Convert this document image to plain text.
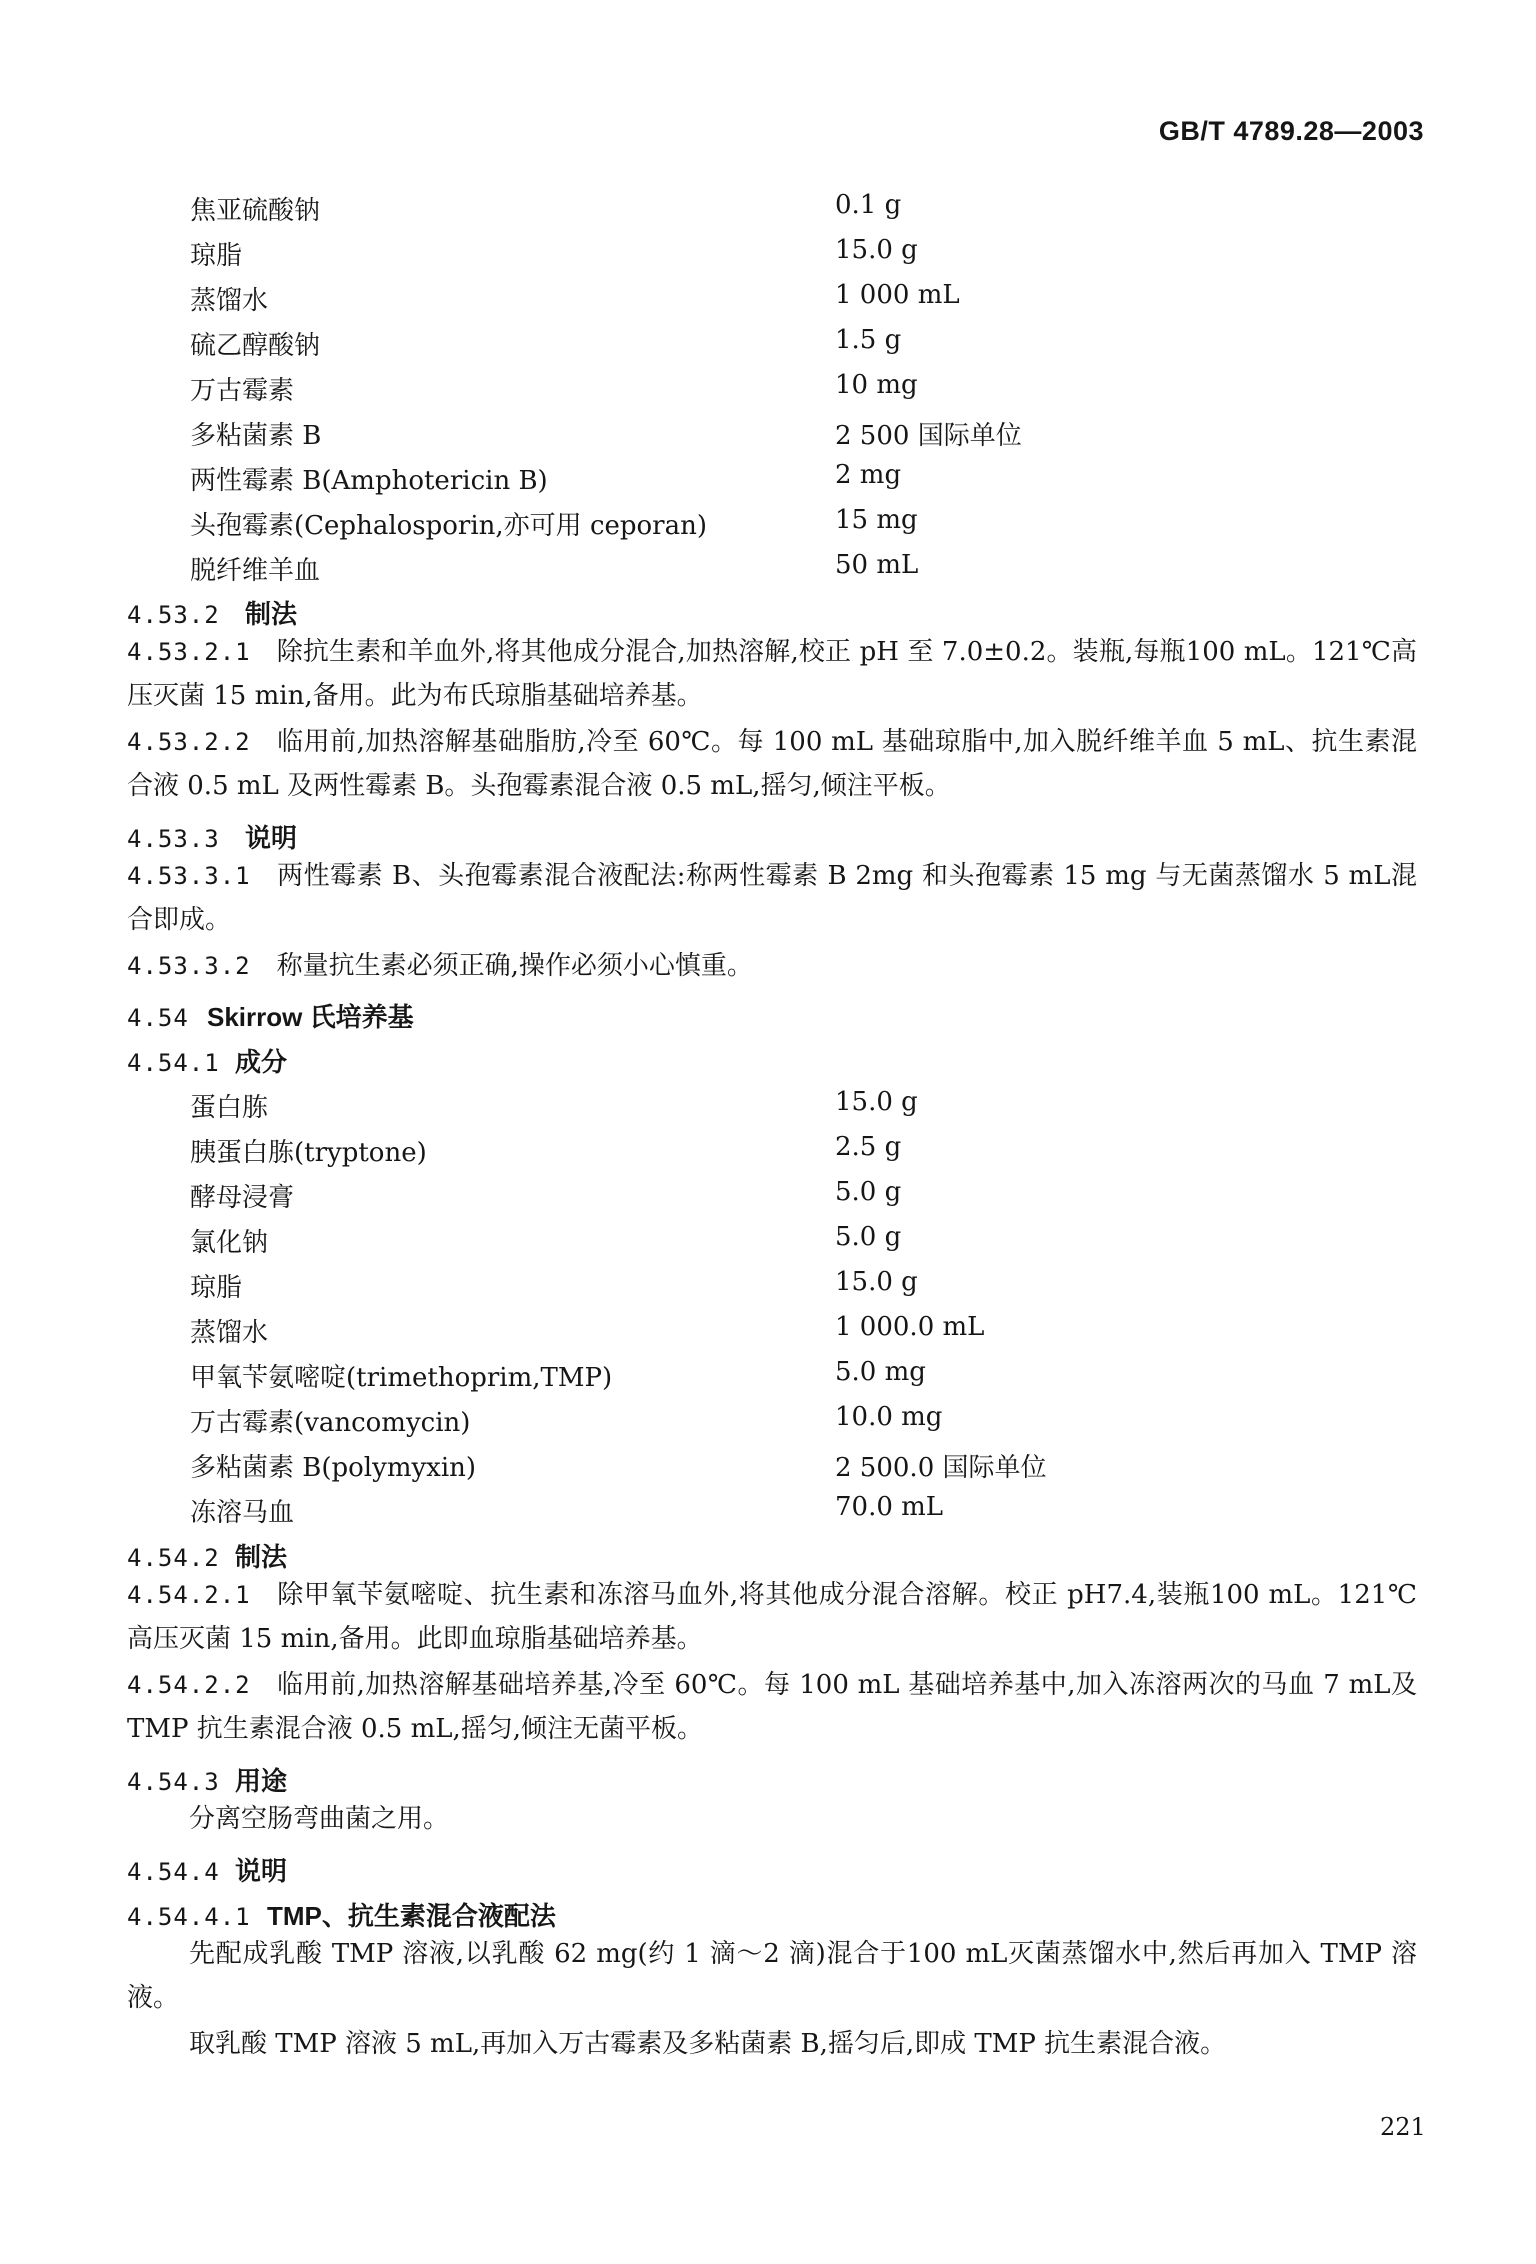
GB/T 4789.28—2003
焦亚硫酸钠	0.1 g
琼脂	15.0 g
蒸馏水	1 000 mL
硫乙醇酸钠	1.5 g
万古霉素	10 mg
多粘菌素 B	2 500 国际单位
两性霉素 B(Amphotericin B)	2 mg
头孢霉素(Cephalosporin,亦可用 ceporan)	15 mg
脱纤维羊血	50 mL
4.53.2 制法
4.53.2.1 除抗生素和羊血外,将其他成分混合,加热溶解,校正 pH 至 7.0±0.2。装瓶,每瓶100 mL。121℃高压灭菌 15 min,备用。此为布氏琼脂基础培养基。
4.53.2.2 临用前,加热溶解基础脂肪,冷至 60℃。每 100 mL 基础琼脂中,加入脱纤维羊血 5 mL、抗生素混合液 0.5 mL 及两性霉素 B。头孢霉素混合液 0.5 mL,摇匀,倾注平板。
4.53.3 说明
4.53.3.1 两性霉素 B、头孢霉素混合液配法:称两性霉素 B 2mg 和头孢霉素 15 mg 与无菌蒸馏水 5 mL混合即成。
4.53.3.2 称量抗生素必须正确,操作必须小心慎重。
4.54 Skirrow 氏培养基
4.54.1 成分
蛋白胨	15.0 g
胰蛋白胨(tryptone)	2.5 g
酵母浸膏	5.0 g
氯化钠	5.0 g
琼脂	15.0 g
蒸馏水	1 000.0 mL
甲氧苄氨嘧啶(trimethoprim,TMP)	5.0 mg
万古霉素(vancomycin)	10.0 mg
多粘菌素 B(polymyxin)	2 500.0 国际单位
冻溶马血	70.0 mL
4.54.2 制法
4.54.2.1 除甲氧苄氨嘧啶、抗生素和冻溶马血外,将其他成分混合溶解。校正 pH7.4,装瓶100 mL。121℃高压灭菌 15 min,备用。此即血琼脂基础培养基。
4.54.2.2 临用前,加热溶解基础培养基,冷至 60℃。每 100 mL 基础培养基中,加入冻溶两次的马血 7 mL及 TMP 抗生素混合液 0.5 mL,摇匀,倾注无菌平板。
4.54.3 用途
分离空肠弯曲菌之用。
4.54.4 说明
4.54.4.1 TMP、抗生素混合液配法
先配成乳酸 TMP 溶液,以乳酸 62 mg(约 1 滴～2 滴)混合于100 mL灭菌蒸馏水中,然后再加入 TMP 溶液。
取乳酸 TMP 溶液 5 mL,再加入万古霉素及多粘菌素 B,摇匀后,即成 TMP 抗生素混合液。
221
